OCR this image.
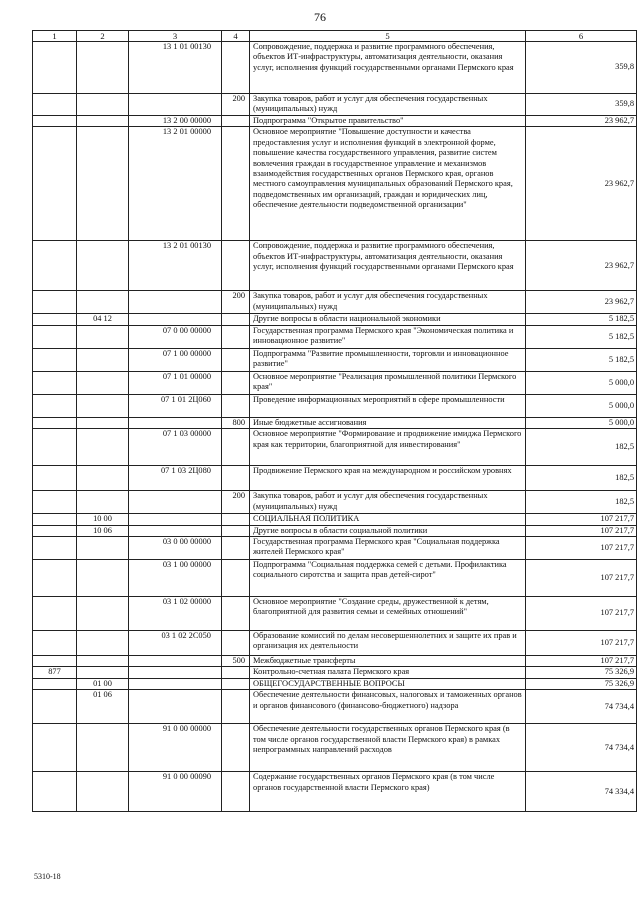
76
1	2	3	4	5	6
		13 1 01 00130		Сопровождение, поддержка и развитие программного обеспечения, объектов ИТ-инфраструктуры, автоматизация деятельности, оказания услуг, исполнения функций государственными органами Пермского края	359,8
			200	Закупка товаров, работ и услуг для обеспечения государственных (муниципальных) нужд	359,8
		13 2 00 00000		Подпрограмма "Открытое правительство"	23 962,7
		13 2 01 00000		Основное мероприятие "Повышение доступности и качества предоставления услуг и исполнения функций в электронной форме, повышение качества государственного управления, развитие систем вовлечения граждан в государственное управление и механизмов взаимодействия государственных органов Пермского края, органов местного самоуправления муниципальных образований Пермского края, подведомственных им организаций, граждан и юридических лиц, обеспечение деятельности подведомственной организации"	23 962,7
		13 2 01 00130		Сопровождение, поддержка и развитие программного обеспечения, объектов ИТ-инфраструктуры, автоматизация деятельности, оказания услуг, исполнения функций государственными органами Пермского края	23 962,7
			200	Закупка товаров, работ и услуг для обеспечения государственных (муниципальных) нужд	23 962,7
	04 12			Другие вопросы в области национальной экономики	5 182,5
		07 0 00 00000		Государственная программа Пермского края "Экономическая политика и инновационное развитие"	5 182,5
		07 1 00 00000		Подпрограмма "Развитие промышленности, торговли и инновационное развитие"	5 182,5
		07 1 01 00000		Основное мероприятие "Реализация промышленной политики Пермского края"	5 000,0
		07 1 01 2Ц060		Проведение информационных мероприятий в сфере промышленности	5 000,0
			800	Иные бюджетные ассигнования	5 000,0
		07 1 03 00000		Основное мероприятие "Формирование и продвижение имиджа Пермского края как территории, благоприятной для инвестирования"	182,5
		07 1 03 2Ц080		Продвижение Пермского края на международном и российском уровнях	182,5
			200	Закупка товаров, работ и услуг для обеспечения государственных (муниципальных) нужд	182,5
	10 00			СОЦИАЛЬНАЯ ПОЛИТИКА	107 217,7
	10 06			Другие вопросы в области социальной политики	107 217,7
		03 0 00 00000		Государственная программа Пермского края "Социальная поддержка жителей Пермского края"	107 217,7
		03 1 00 00000		Подпрограмма "Социальная поддержка семей с детьми. Профилактика социального сиротства и защита прав детей-сирот"	107 217,7
		03 1 02 00000		Основное мероприятие "Создание среды, дружественной к детям, благоприятной для развития семьи и семейных отношений"	107 217,7
		03 1 02 2С050		Образование комиссий по делам несовершеннолетних и защите их прав и организация их деятельности	107 217,7
			500	Межбюджетные трансферты	107 217,7
877				Контрольно-счетная палата Пермского края	75 326,9
	01 00			ОБЩЕГОСУДАРСТВЕННЫЕ ВОПРОСЫ	75 326,9
	01 06			Обеспечение деятельности финансовых, налоговых и таможенных органов и органов финансового (финансово-бюджетного) надзора	74 734,4
		91 0 00 00000		Обеспечение деятельности государственных органов Пермского края (в том числе органов государственной власти Пермского края) в рамках непрограммных направлений расходов	74 734,4
		91 0 00 00090		Содержание государственных органов Пермского края (в том числе органов государственной власти Пермского края)	74 334,4
5310-18
